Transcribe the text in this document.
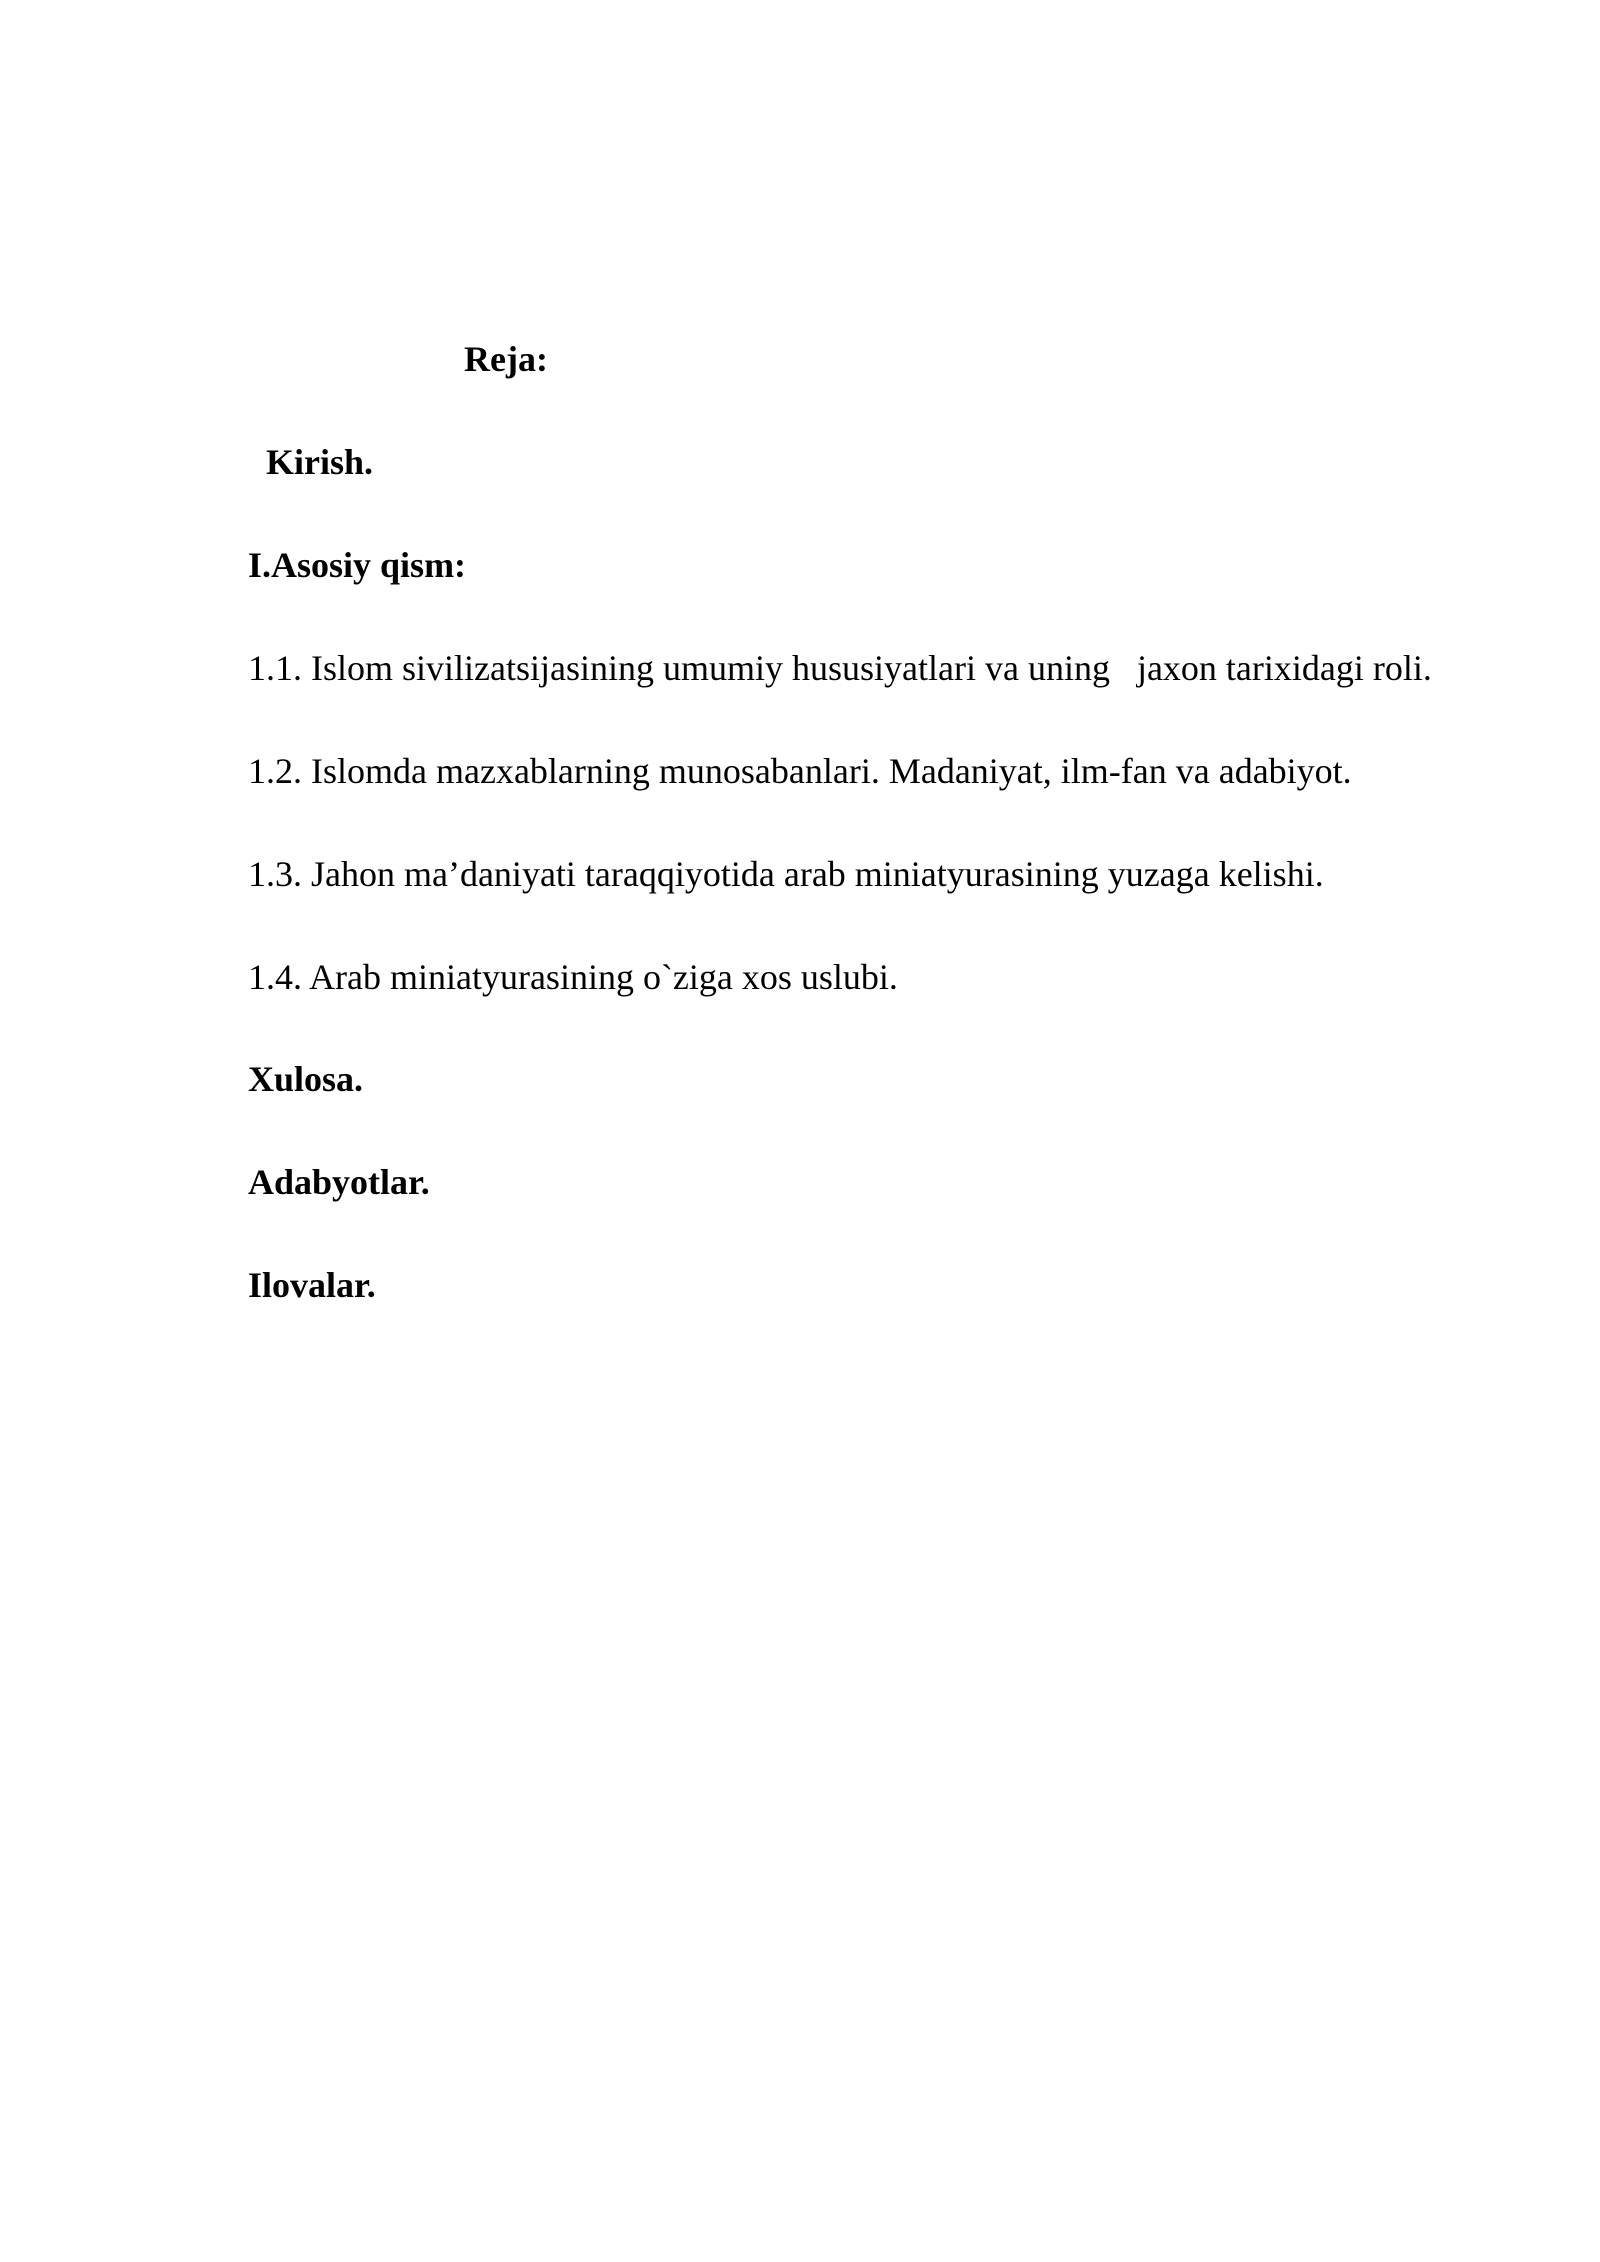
Reja:
Kirish.
I.Asosiy qism:
1.1. Islom sivilizatsijasining umumiy hususiyatlari va uning   jaxon tarixidagi roli.
1.2. Islomda mazxablarning munosabanlari. Madaniyat, ilm-fan va adabiyot.
1.3. Jahon ma’daniyati taraqqiyotida arab miniatyurasining yuzaga kelishi.
1.4. Arab miniatyurasining o`ziga xos uslubi.
Xulosa.
Adabyotlar.
Ilovalar.
